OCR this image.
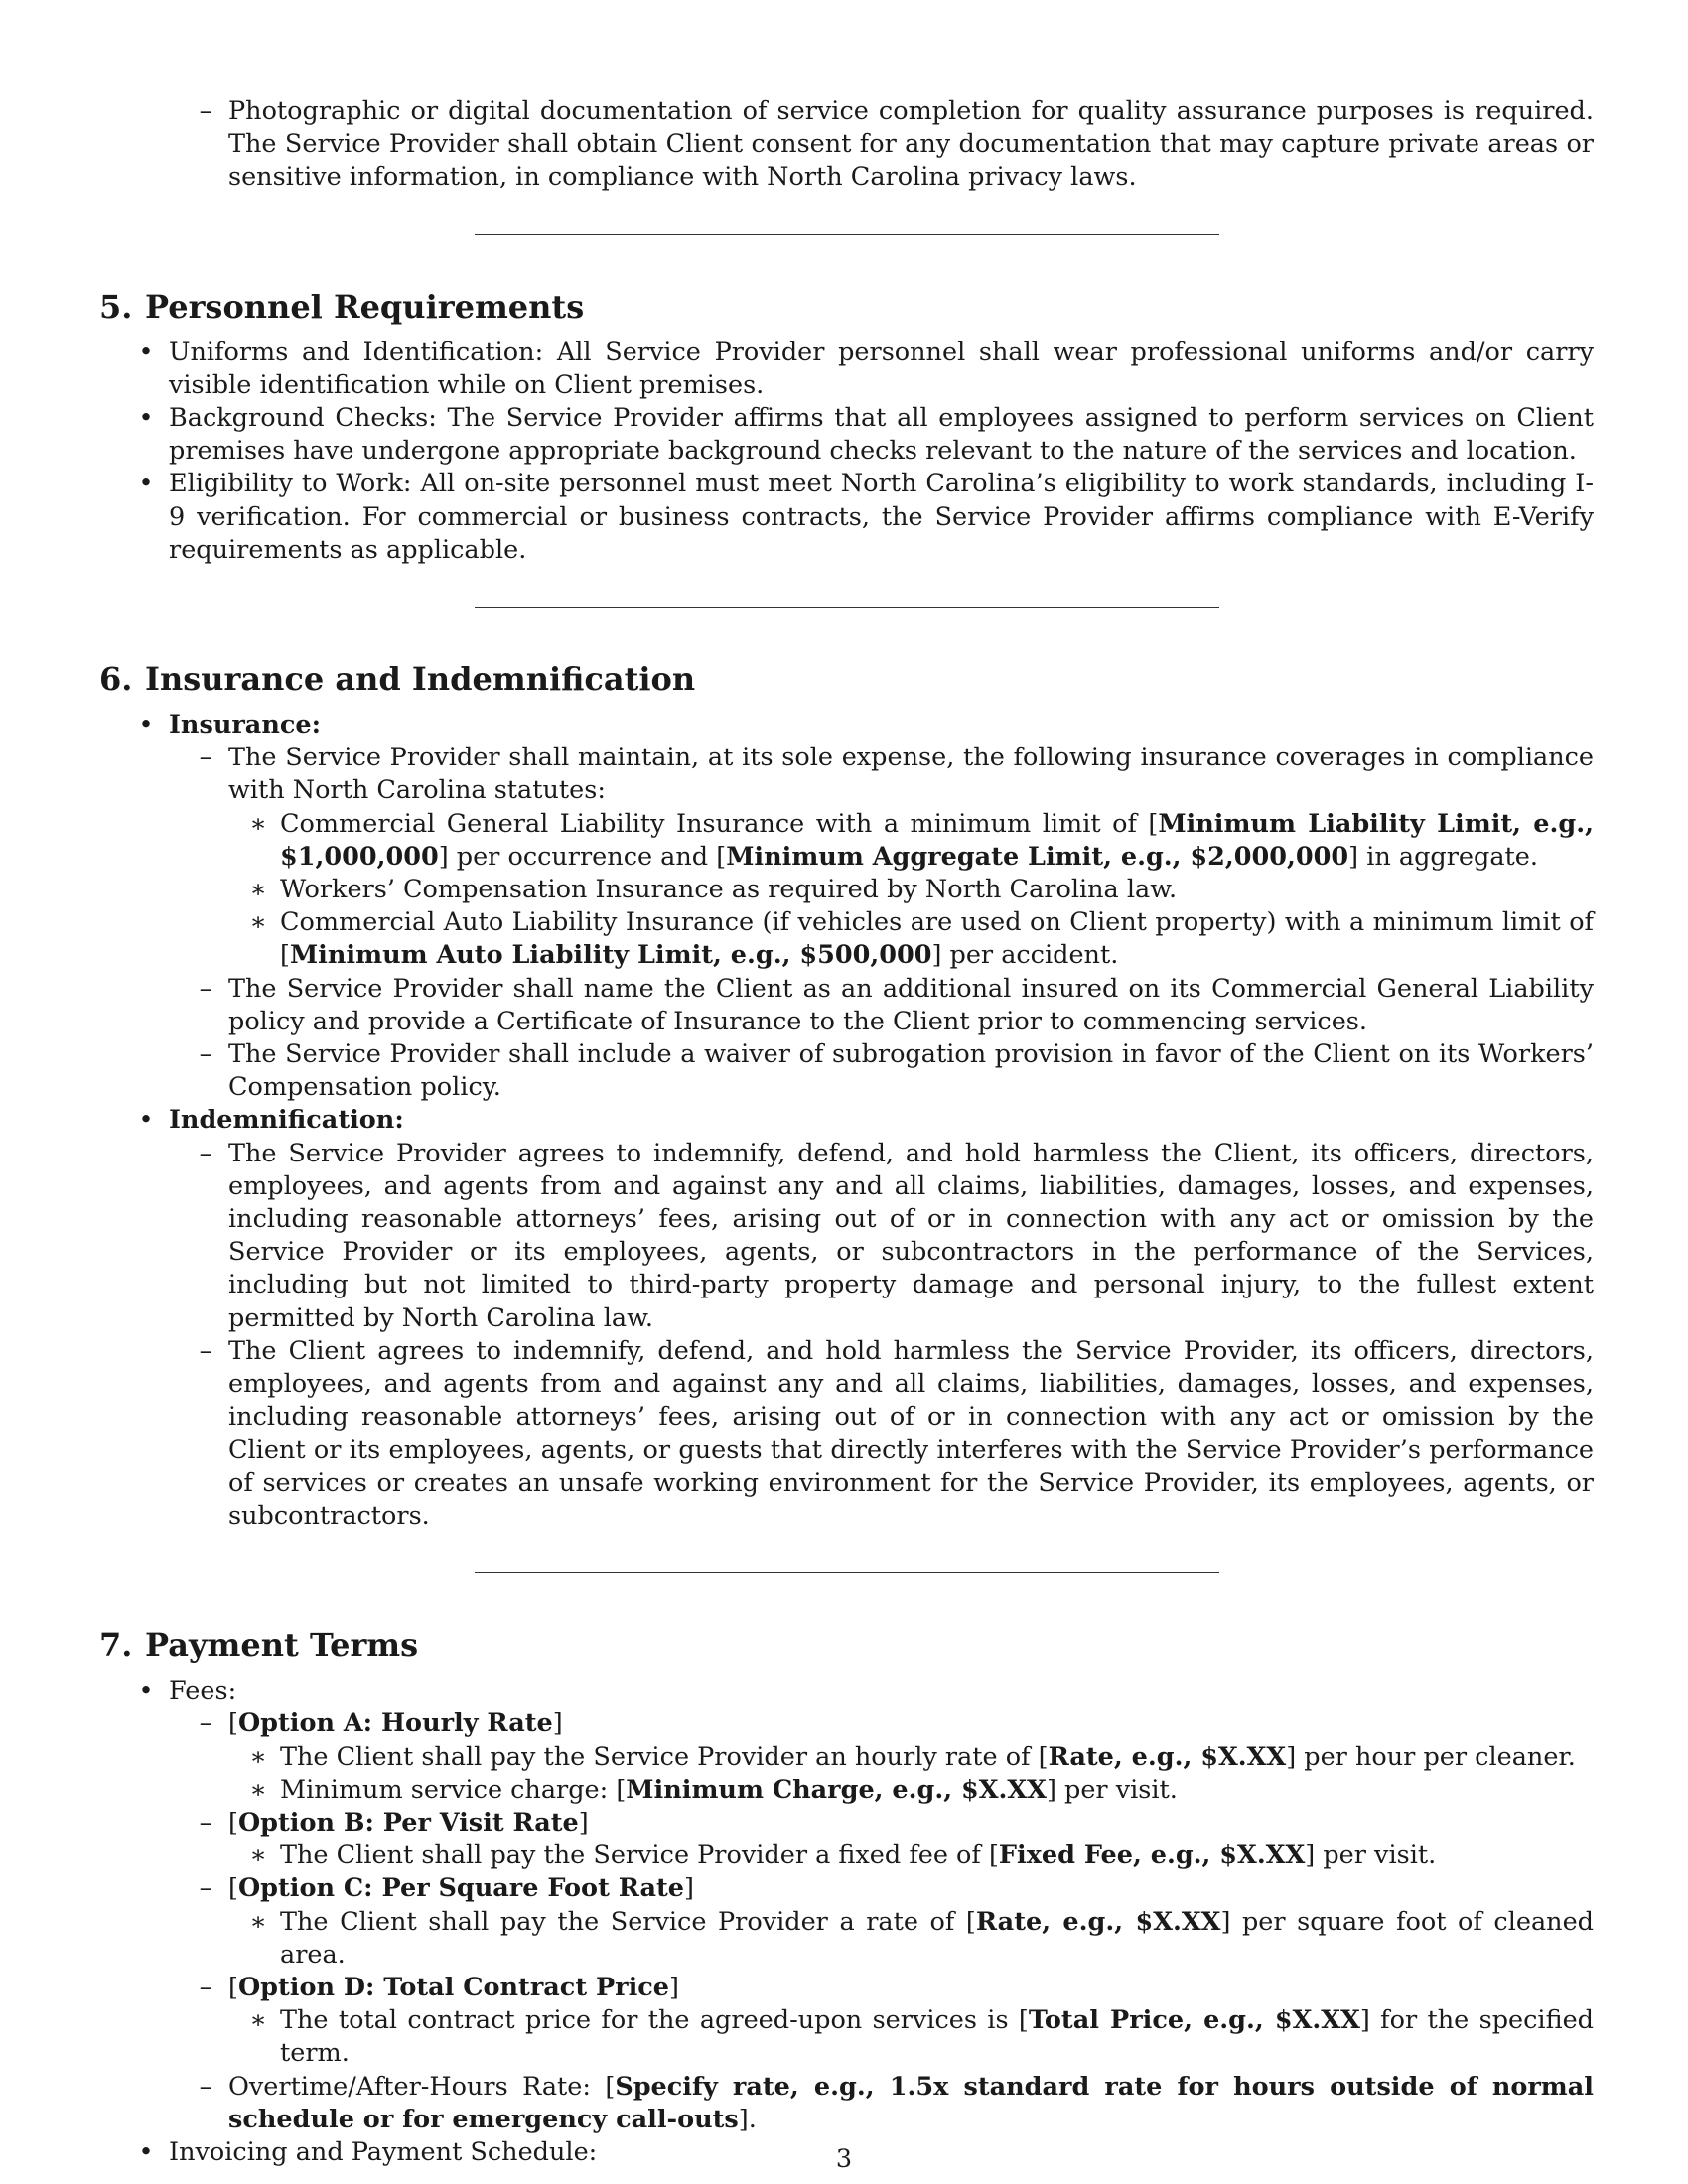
– Photographic or digital documentation of service completion for quality assurance purposes is required. The Service Provider shall obtain Client consent for any documentation that may capture private areas or sensitive information, in compliance with North Carolina privacy laws.

5. Personnel Requirements
• Uniforms and Identification: All Service Provider personnel shall wear professional uniforms and/or carry visible identification while on Client premises.

• Background Checks: The Service Provider affirms that all employees assigned to perform services on Client premises have undergone appropriate background checks relevant to the nature of the services and location.

• Eligibility to Work: All on-site personnel must meet North Carolina’s eligibility to work standards, including I-9 verification. For commercial or business contracts, the Service Provider affirms compliance with E-Verify requirements as applicable.

6. Insurance and Indemnification
• Insurance:

– The Service Provider shall maintain, at its sole expense, the following insurance coverages in compliance with North Carolina statutes:

∗ Commercial General Liability Insurance with a minimum limit of [Minimum Liability Limit, e.g., $1,000,000] per occurrence and [Minimum Aggregate Limit, e.g., $2,000,000] in aggregate.

∗ Workers’ Compensation Insurance as required by North Carolina law.

∗ Commercial Auto Liability Insurance (if vehicles are used on Client property) with a minimum limit of [Minimum Auto Liability Limit, e.g., $500,000] per accident.

– The Service Provider shall name the Client as an additional insured on its Commercial General Liability policy and provide a Certificate of Insurance to the Client prior to commencing services.

– The Service Provider shall include a waiver of subrogation provision in favor of the Client on its Workers’ Compensation policy.

• Indemnification:

– The Service Provider agrees to indemnify, defend, and hold harmless the Client, its officers, directors, employees, and agents from and against any and all claims, liabilities, damages, losses, and expenses, including reasonable attorneys’ fees, arising out of or in connection with any act or omission by the Service Provider or its employees, agents, or subcontractors in the performance of the Services, including but not limited to third-party property damage and personal injury, to the fullest extent permitted by North Carolina law.

– The Client agrees to indemnify, defend, and hold harmless the Service Provider, its officers, directors, employees, and agents from and against any and all claims, liabilities, damages, losses, and expenses, including reasonable attorneys’ fees, arising out of or in connection with any act or omission by the Client or its employees, agents, or guests that directly interferes with the Service Provider’s performance of services or creates an unsafe working environment for the Service Provider, its employees, agents, or subcontractors.

7. Payment Terms
• Fees:

– [Option A: Hourly Rate]

∗ The Client shall pay the Service Provider an hourly rate of [Rate, e.g., $X.XX] per hour per cleaner.

∗ Minimum service charge: [Minimum Charge, e.g., $X.XX] per visit.

– [Option B: Per Visit Rate]

∗ The Client shall pay the Service Provider a fixed fee of [Fixed Fee, e.g., $X.XX] per visit.

– [Option C: Per Square Foot Rate]

∗ The Client shall pay the Service Provider a rate of [Rate, e.g., $X.XX] per square foot of cleaned area.

– [Option D: Total Contract Price]

∗ The total contract price for the agreed-upon services is [Total Price, e.g., $X.XX] for the specified term.

– Overtime/After-Hours Rate: [Specify rate, e.g., 1.5x standard rate for hours outside of normal schedule or for emergency call-outs].

• Invoicing and Payment Schedule:	3
